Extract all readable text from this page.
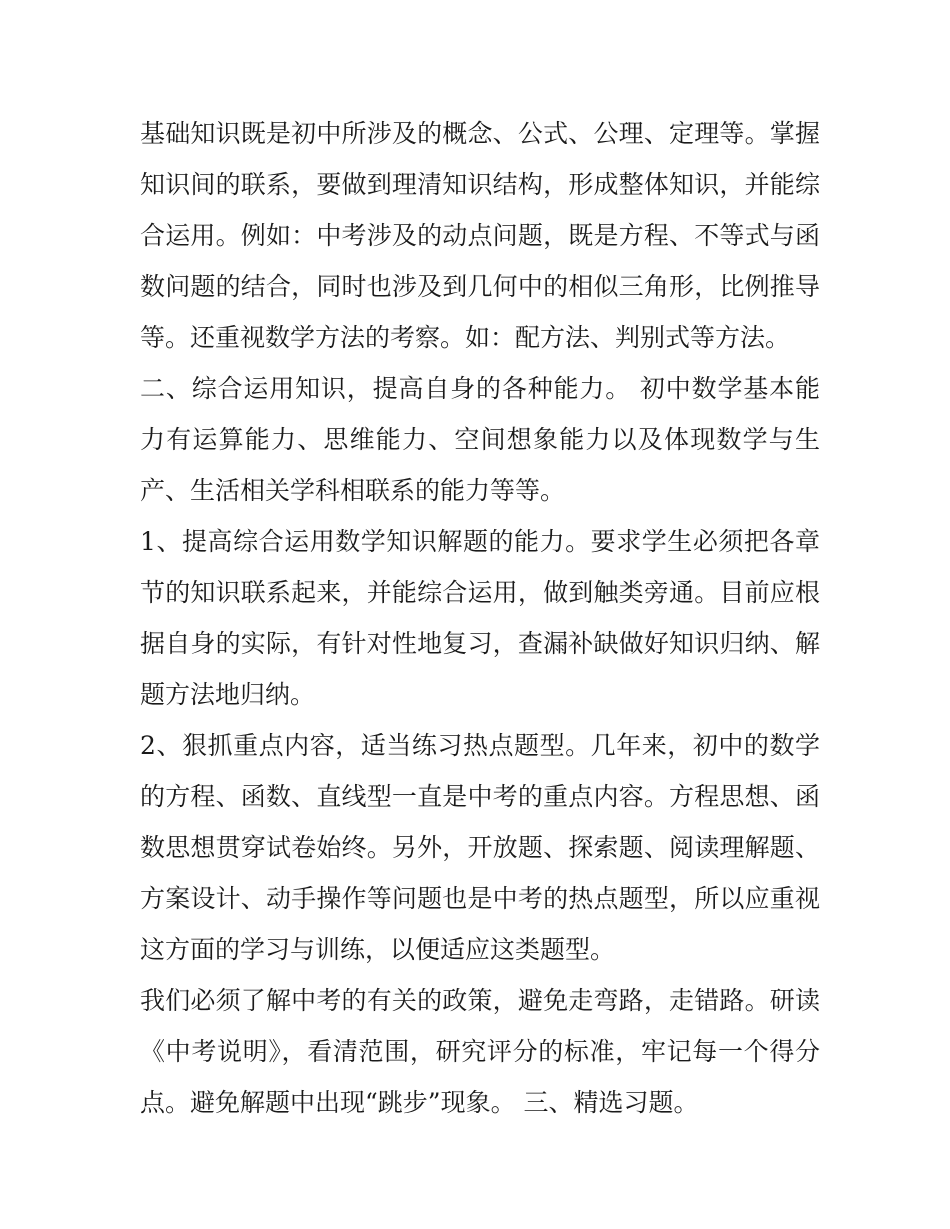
基础知识既是初中所涉及的概念、公式、公理、定理等。掌握知识间的联系，要做到理清知识结构，形成整体知识，并能综合运用。例如：中考涉及的动点问题，既是方程、不等式与函数问题的结合，同时也涉及到几何中的相似三角形，比例推导等。还重视数学方法的考察。如：配方法、判别式等方法。

二、综合运用知识，提高自身的各种能力。 初中数学基本能力有运算能力、思维能力、空间想象能力以及体现数学与生产、生活相关学科相联系的能力等等。

1、提高综合运用数学知识解题的能力。要求学生必须把各章节的知识联系起来，并能综合运用，做到触类旁通。目前应根据自身的实际，有针对性地复习，查漏补缺做好知识归纳、解题方法地归纳。

2、狠抓重点内容，适当练习热点题型。几年来，初中的数学的方程、函数、直线型一直是中考的重点内容。方程思想、函数思想贯穿试卷始终。另外，开放题、探索题、阅读理解题、方案设计、动手操作等问题也是中考的热点题型，所以应重视这方面的学习与训练，以便适应这类题型。

我们必须了解中考的有关的政策，避免走弯路，走错路。研读《中考说明》，看清范围，研究评分的标准，牢记每一个得分点。避免解题中出现“跳步”现象。 三、精选习题。
